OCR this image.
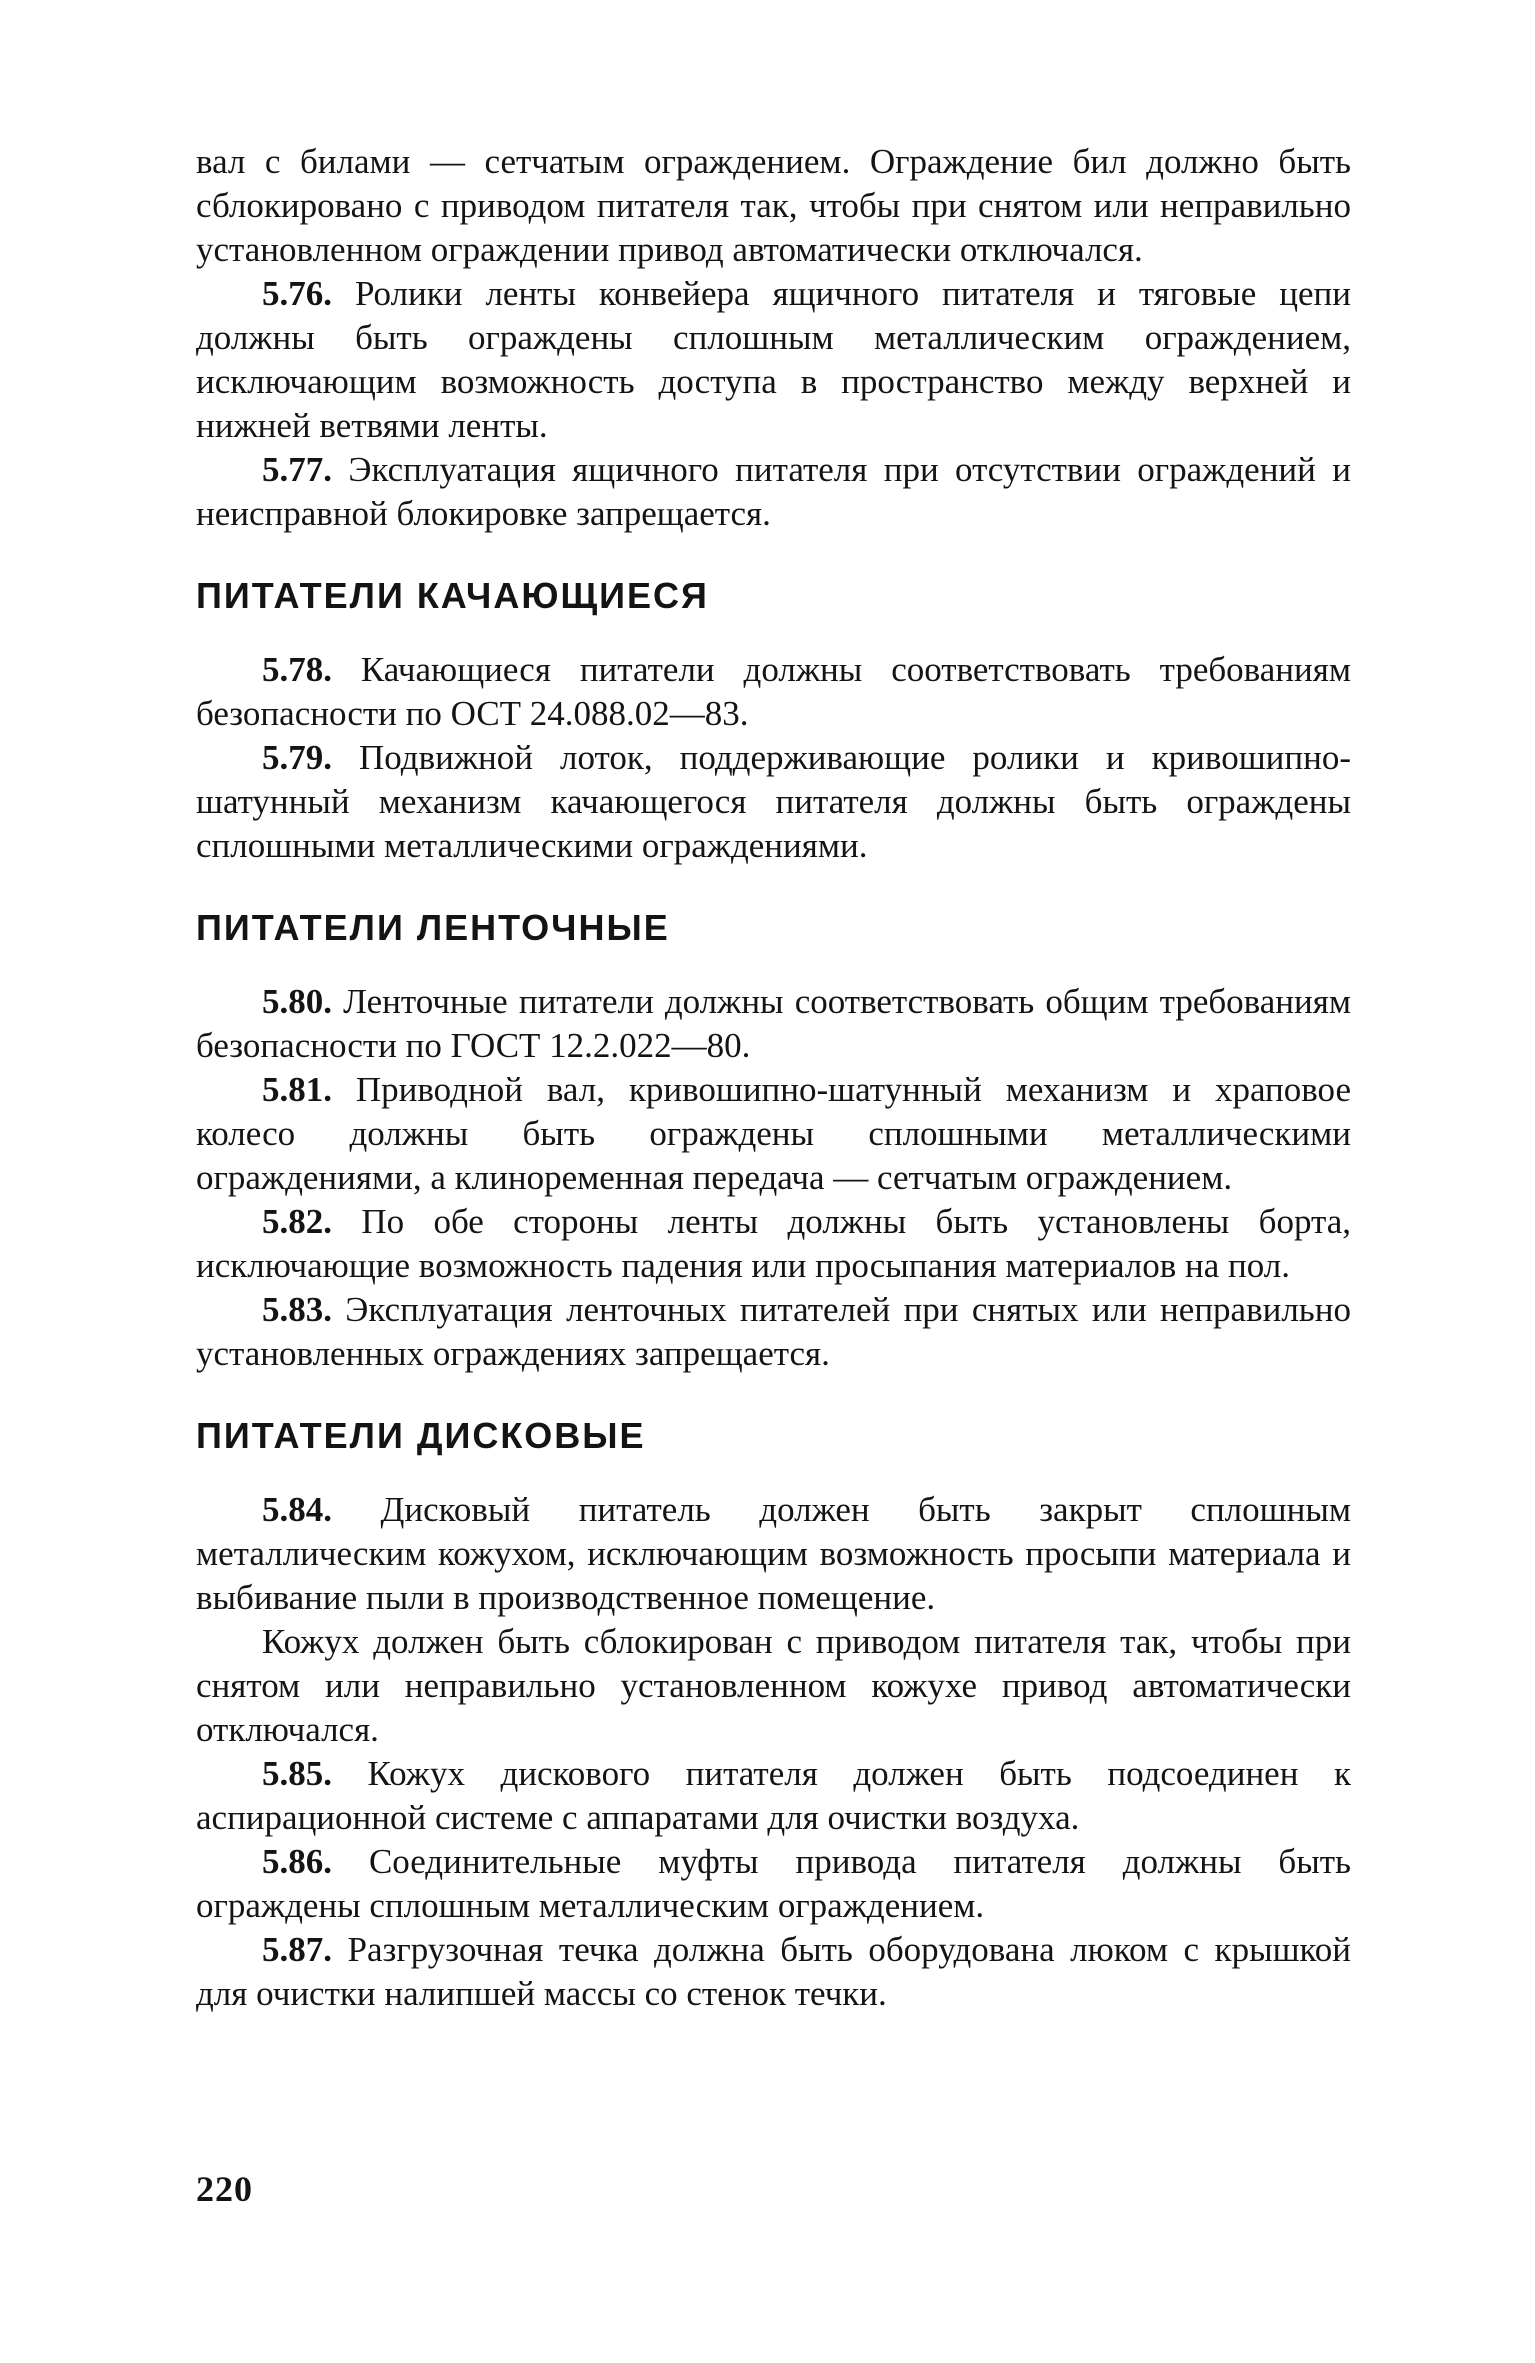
вал с билами — сетчатым ограждением. Ограждение бил должно быть сблокировано с приводом питателя так, чтобы при снятом или неправильно установленном ограждении привод автоматически отключался.

5.76. Ролики ленты конвейера ящичного питателя и тяговые цепи должны быть ограждены сплошным металлическим ограждением, исключающим возможность доступа в пространство между верхней и нижней ветвями ленты.

5.77. Эксплуатация ящичного питателя при отсутствии ограждений и неисправной блокировке запрещается.

ПИТАТЕЛИ КАЧАЮЩИЕСЯ

5.78. Качающиеся питатели должны соответствовать требованиям безопасности по ОСТ 24.088.02—83.

5.79. Подвижной лоток, поддерживающие ролики и кривошипно-шатунный механизм качающегося питателя должны быть ограждены сплошными металлическими ограждениями.

ПИТАТЕЛИ ЛЕНТОЧНЫЕ

5.80. Ленточные питатели должны соответствовать общим требованиям безопасности по ГОСТ 12.2.022—80.

5.81. Приводной вал, кривошипно-шатунный механизм и храповое колесо должны быть ограждены сплошными металлическими ограждениями, а клиноременная передача — сетчатым ограждением.

5.82. По обе стороны ленты должны быть установлены борта, исключающие возможность падения или просыпания материалов на пол.

5.83. Эксплуатация ленточных питателей при снятых или неправильно установленных ограждениях запрещается.

ПИТАТЕЛИ ДИСКОВЫЕ

5.84. Дисковый питатель должен быть закрыт сплошным металлическим кожухом, исключающим возможность просыпи материала и выбивание пыли в производственное помещение.

Кожух должен быть сблокирован с приводом питателя так, чтобы при снятом или неправильно установленном кожухе привод автоматически отключался.

5.85. Кожух дискового питателя должен быть подсоединен к аспирационной системе с аппаратами для очистки воздуха.

5.86. Соединительные муфты привода питателя должны быть ограждены сплошным металлическим ограждением.

5.87. Разгрузочная течка должна быть оборудована люком с крышкой для очистки налипшей массы со стенок течки.

220
